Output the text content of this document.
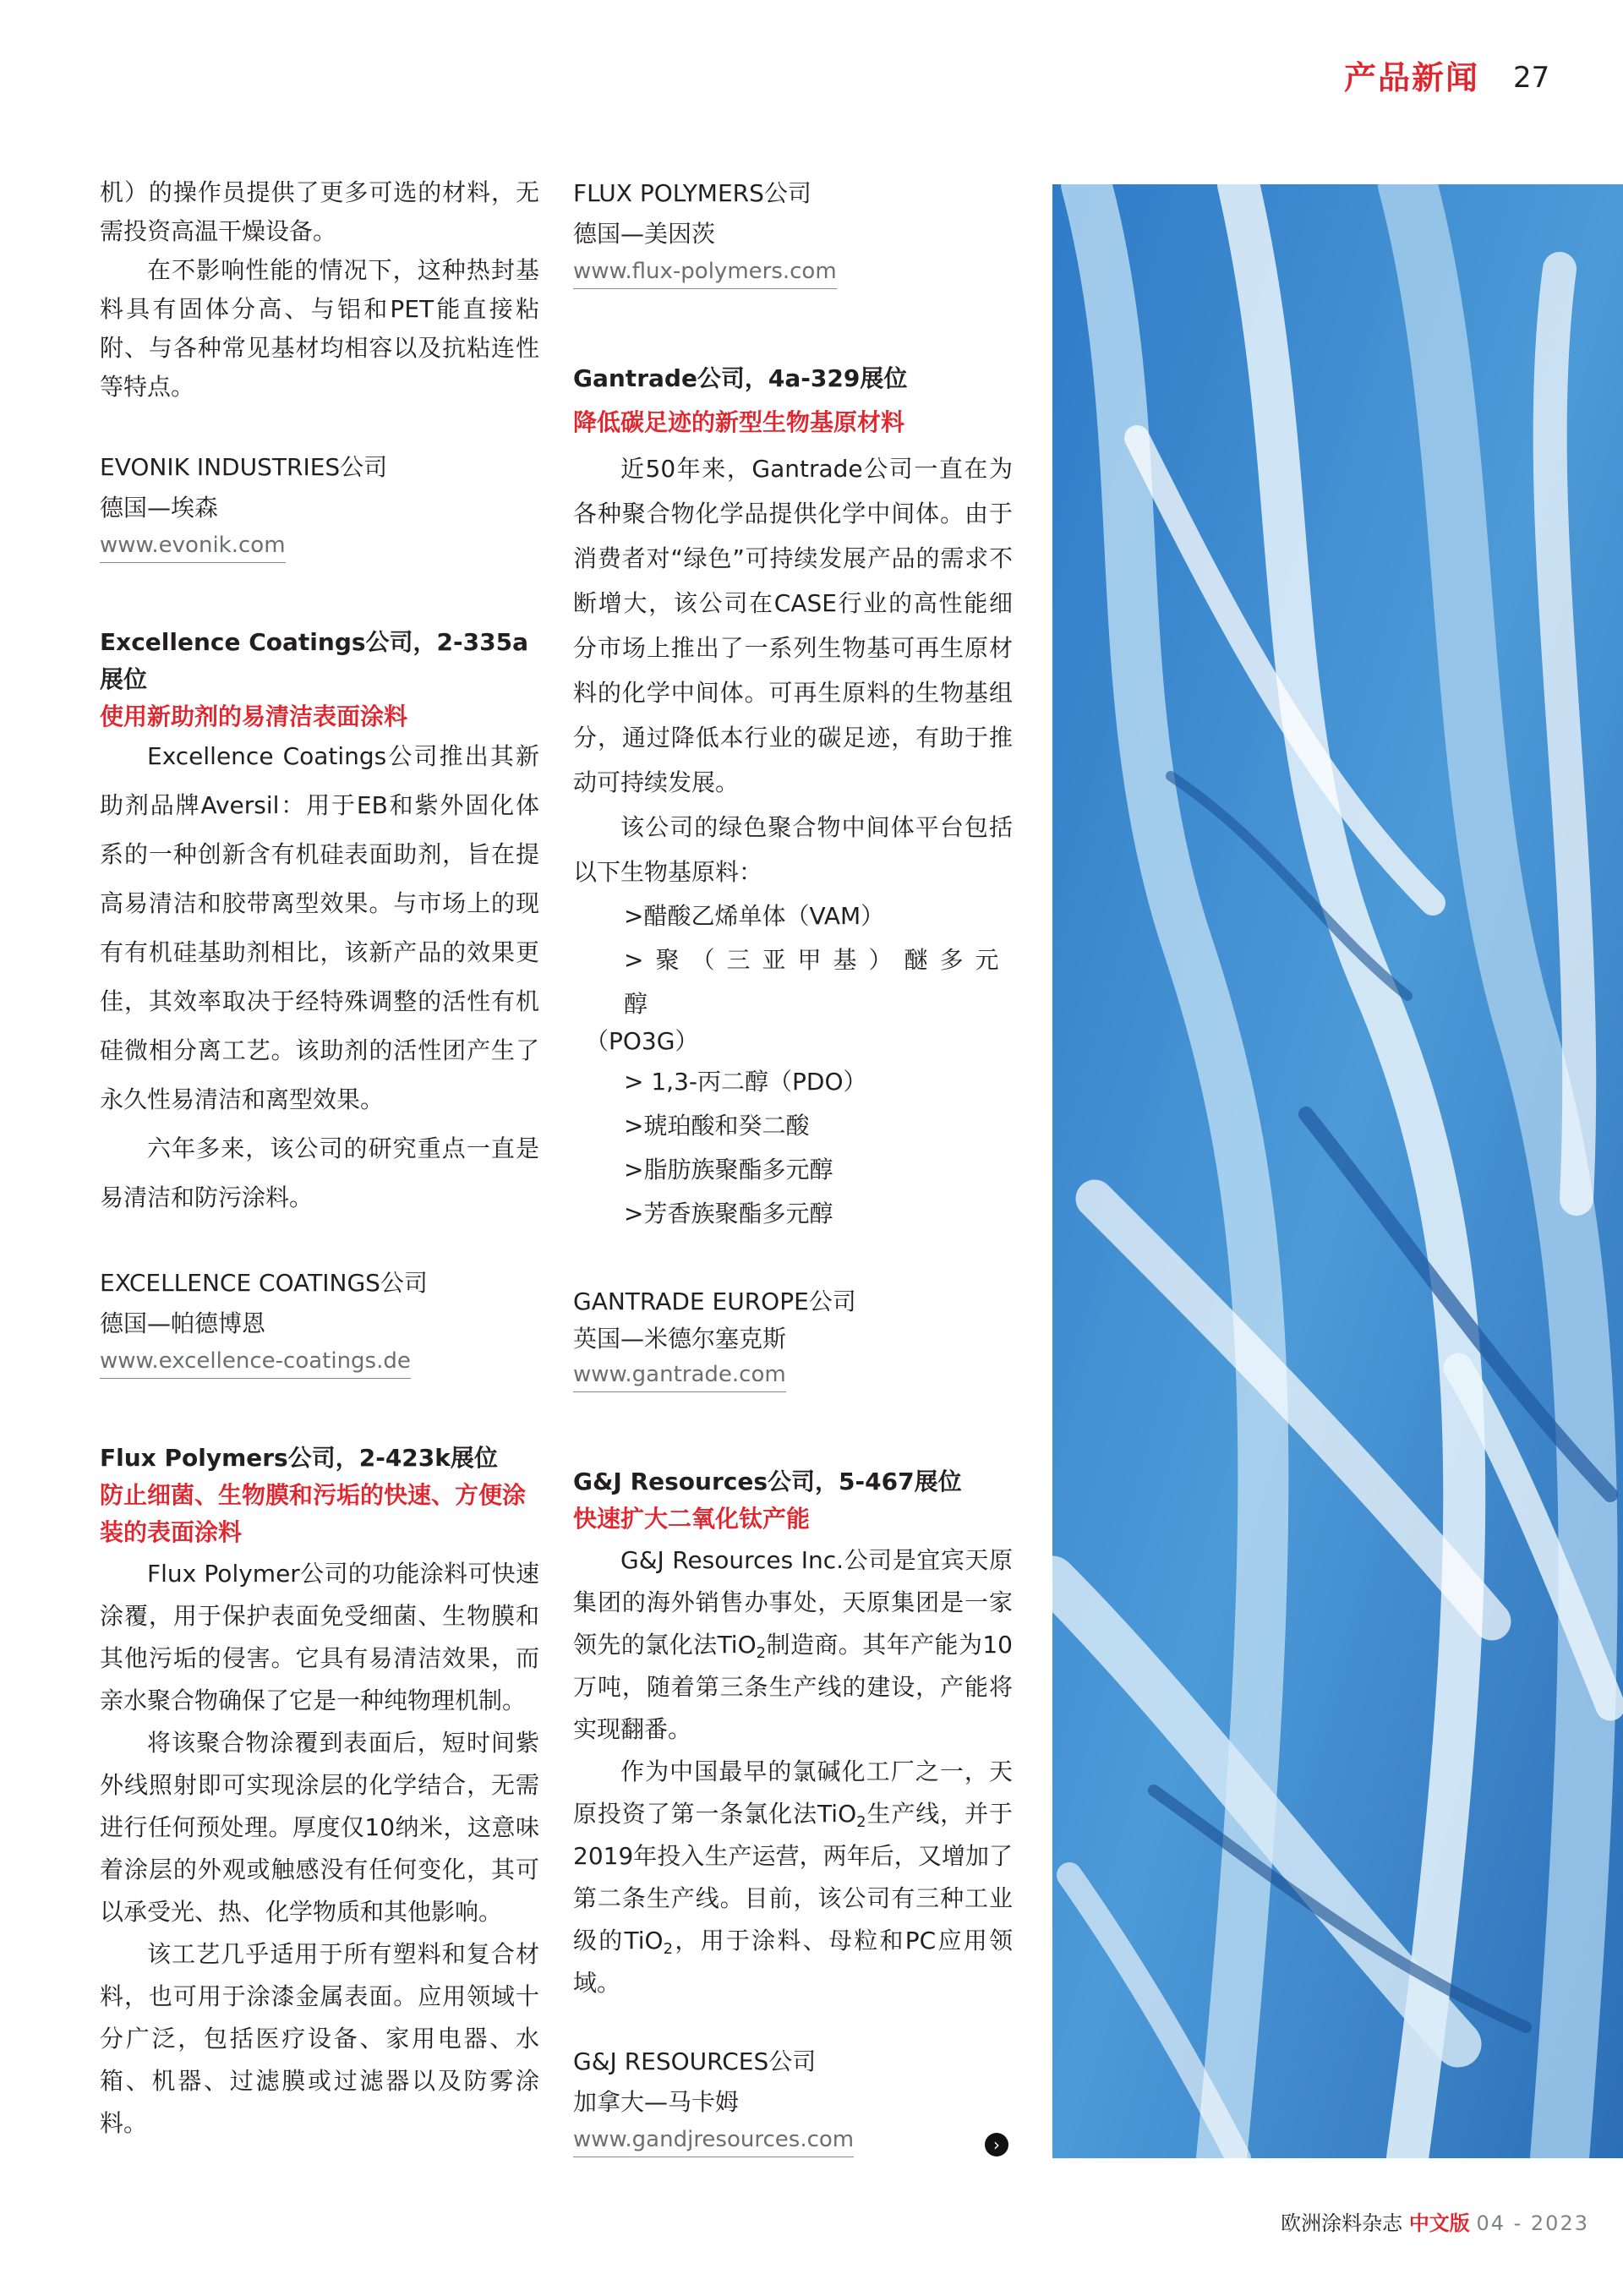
产品新闻 27

机）的操作员提供了更多可选的材料，无需投资高温干燥设备。

在不影响性能的情况下，这种热封基料具有固体分高、与铝和PET能直接粘附、与各种常见基材均相容以及抗粘连性等特点。

EVONIK INDUSTRIES公司
德国—埃森
www.evonik.com
Excellence Coatings公司，2-335a展位
使用新助剂的易清洁表面涂料

Excellence Coatings公司推出其新助剂品牌Aversil：用于EB和紫外固化体系的一种创新含有机硅表面助剂，旨在提高易清洁和胶带离型效果。与市场上的现有有机硅基助剂相比，该新产品的效果更佳，其效率取决于经特殊调整的活性有机硅微相分离工艺。该助剂的活性团产生了永久性易清洁和离型效果。

六年多来，该公司的研究重点一直是易清洁和防污涂料。

EXCELLENCE COATINGS公司
德国—帕德博恩
www.excellence-coatings.de
Flux Polymers公司，2-423k展位
防止细菌、生物膜和污垢的快速、方便涂装的表面涂料

Flux Polymer公司的功能涂料可快速涂覆，用于保护表面免受细菌、生物膜和其他污垢的侵害。它具有易清洁效果，而亲水聚合物确保了它是一种纯物理机制。

将该聚合物涂覆到表面后，短时间紫外线照射即可实现涂层的化学结合，无需进行任何预处理。厚度仅10纳米，这意味着涂层的外观或触感没有任何变化，其可以承受光、热、化学物质和其他影响。

该工艺几乎适用于所有塑料和复合材料，也可用于涂漆金属表面。应用领域十分广泛，包括医疗设备、家用电器、水箱、机器、过滤膜或过滤器以及防雾涂料。

FLUX POLYMERS公司
德国—美因茨
www.flux-polymers.com
Gantrade公司，4a-329展位
降低碳足迹的新型生物基原材料

近50年来，Gantrade公司一直在为各种聚合物化学品提供化学中间体。由于消费者对“绿色”可持续发展产品的需求不断增大，该公司在CASE行业的高性能细分市场上推出了一系列生物基可再生原材料的化学中间体。可再生原料的生物基组分，通过降低本行业的碳足迹，有助于推动可持续发展。

该公司的绿色聚合物中间体平台包括以下生物基原料：

>醋酸乙烯单体（VAM）
>聚（三亚甲基）醚多元醇
（PO3G）
> 1,3-丙二醇（PDO）
>琥珀酸和癸二酸
>脂肪族聚酯多元醇
>芳香族聚酯多元醇
GANTRADE EUROPE公司
英国—米德尔塞克斯
www.gantrade.com
G&J Resources公司，5-467展位
快速扩大二氧化钛产能

G&J Resources Inc.公司是宜宾天原集团的海外销售办事处，天原集团是一家领先的氯化法TiO$_2$制造商。其年产能为10万吨，随着第三条生产线的建设，产能将实现翻番。

作为中国最早的氯碱化工厂之一，天原投资了第一条氯化法TiO$_2$生产线，并于2019年投入生产运营，两年后，又增加了第二条生产线。目前，该公司有三种工业级的TiO$_2$，用于涂料、母粒和PC应用领域。

G&J RESOURCES公司
加拿大—马卡姆
www.gandjresources.com	›
欧洲涂料杂志 中文版 04 - 2023
